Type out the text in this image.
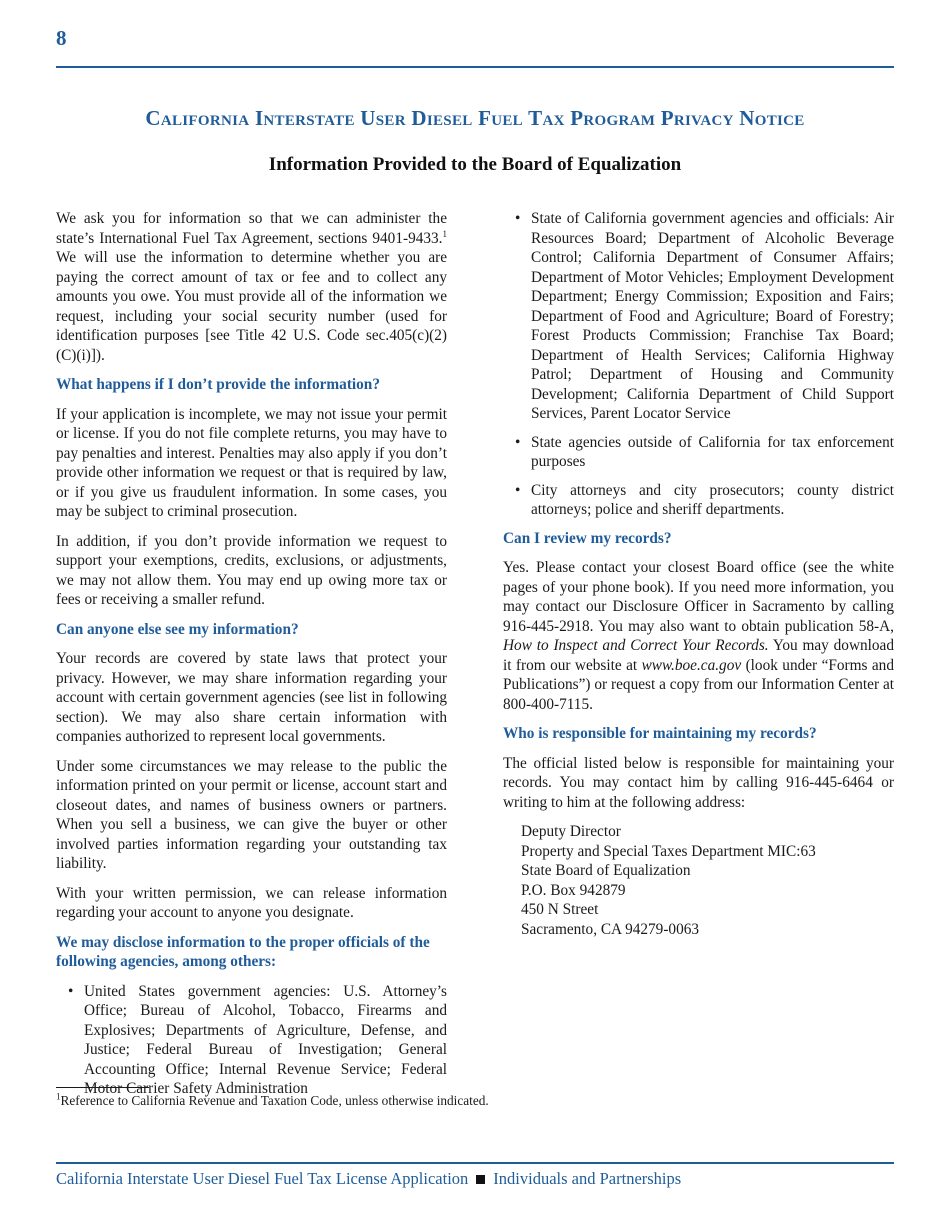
8
California Interstate User Diesel Fuel Tax Program Privacy Notice
Information Provided to the Board of Equalization

We ask you for information so that we can administer the state’s International Fuel Tax Agreement, sections 9401-9433.$^1$ We will use the information to determine whether you are paying the correct amount of tax or fee and to collect any amounts you owe. You must provide all of the information we request, including your social security number (used for identification purposes [see Title 42 U.S. Code sec.405(c)(2)(C)(i)]).

What happens if I don’t provide the information?

If your application is incomplete, we may not issue your permit or license. If you do not file complete returns, you may have to pay penalties and interest. Penalties may also apply if you don’t provide other information we request or that is required by law, or if you give us fraudulent information. In some cases, you may be subject to criminal prosecution.

In addition, if you don’t provide information we request to support your exemptions, credits, exclusions, or adjustments, we may not allow them. You may end up owing more tax or fees or receiving a smaller refund.

Can anyone else see my information?

Your records are covered by state laws that protect your privacy. However, we may share information regarding your account with certain government agencies (see list in following section). We may also share certain information with companies authorized to represent local governments.

Under some circumstances we may release to the public the information printed on your permit or license, account start and closeout dates, and names of business owners or partners. When you sell a business, we can give the buyer or other involved parties information regarding your outstanding tax liability.

With your written permission, we can release information regarding your account to anyone you designate.

We may disclose information to the proper officials of the following agencies, among others:
• United States government agencies: U.S. Attorney’s Office; Bureau of Alcohol, Tobacco, Firearms and Explosives; Departments of Agriculture, Defense, and Justice; Federal Bureau of Investigation; General Accounting Office; Internal Revenue Service; Federal Motor Carrier Safety Administration
• State of California government agencies and officials: Air Resources Board; Department of Alcoholic Beverage Control; California Department of Consumer Affairs; Department of Motor Vehicles; Employment Development Department; Energy Commission; Exposition and Fairs; Department of Food and Agriculture; Board of Forestry; Forest Products Commission; Franchise Tax Board; Department of Health Services; California Highway Patrol; Department of Housing and Community Development; California Department of Child Support Services, Parent Locator Service
• State agencies outside of California for tax enforcement purposes
• City attorneys and city prosecutors; county district attorneys; police and sheriff departments.
Can I review my records?

Yes. Please contact your closest Board office (see the white pages of your phone book). If you need more information, you may contact our Disclosure Officer in Sacramento by calling 916-445-2918. You may also want to obtain publication 58-A, How to Inspect and Correct Your Records. You may download it from our website at www.boe.ca.gov (look under “Forms and Publications”) or request a copy from our Information Center at 800-400-7115.

Who is responsible for maintaining my records?

The official listed below is responsible for maintaining your records. You may contact him by calling 916-445-6464 or writing to him at the following address:

Deputy Director
Property and Special Taxes Department MIC:63
State Board of Equalization
P.O. Box 942879
450 N Street
Sacramento, CA 94279-0063
$^1$Reference to California Revenue and Taxation Code, unless otherwise indicated.
California Interstate User Diesel Fuel Tax License Application Individuals and Partnerships
